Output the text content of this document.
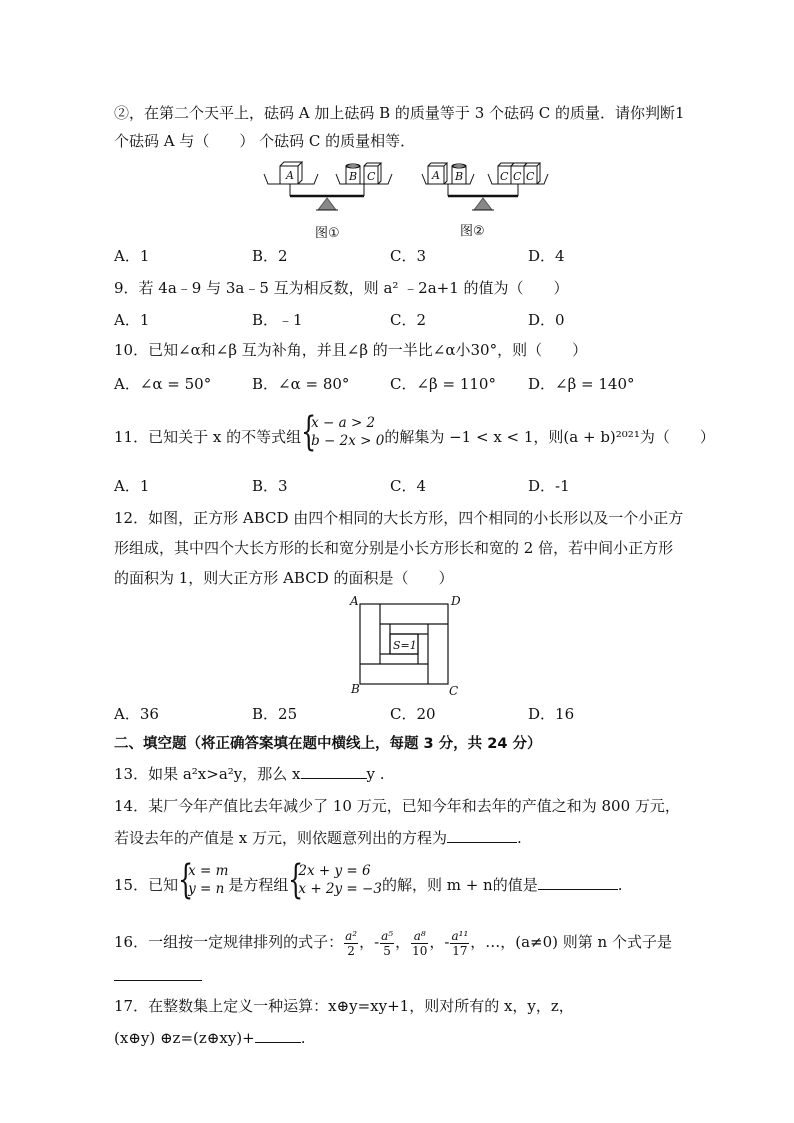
②，在第二个天平上，砝码 A 加上砝码 B 的质量等于 3 个砝码 C 的质量．请你判断1
个砝码 A 与（　　） 个砝码 C 的质量相等．
A	B C	A B	C C C
图①	图②
A．1	B．2	C．3	D．4
9．若 4a﹣9 与 3a﹣5 互为相反数，则 a² ﹣2a+1 的值为（　　）
A．1	B．﹣1	C．2	D．0
10．已知∠α和∠β 互为补角，并且∠β 的一半比∠α小30°，则（　　）
A．∠α = 50°	B．∠α = 80°	C．∠β = 110° D．∠β = 140°
11．已知关于 x 的不等式组 {
x − a > 2
b − 2x > 0 的解集为 −1 < x < 1，则(a + b)²⁰²¹为（　　）
A．1	B．3	C．4	D．-1
12．如图，正方形 ABCD 由四个相同的大长方形，四个相同的小长形以及一个小正方
形组成，其中四个大长方形的长和宽分别是小长方形长和宽的 2 倍，若中间小正方形
的面积为 1，则大正方形 ABCD 的面积是（　　）
S=1
A	D
B	C
A．36	B．25	C．20	D．16
二、填空题（将正确答案填在题中横线上，每题 3 分，共 24 分）
13．如果 a²x>a²y，那么 x	y .
14．某厂今年产值比去年减少了 10 万元，已知今年和去年的产值之和为 800 万元，
若设去年的产值是 x 万元，则依题意列出的方程为	.
15．已知 {
x = m
y = n 是方程组 {
2x + y = 6
x + 2y = −3 的解，则 m + n的值是	.
16．一组按一定规律排列的式子： $\frac{\text{a²}}{2}$ ，- $\frac{\text{a⁵}}{5}$ ， $\frac{\text{a⁸}}{10}$ ，- $\frac{\text{a¹¹}}{17}$ ，…，(a≠0) 则第 n 个式子是
17．在整数集上定义一种运算：x⊕y=xy+1，则对所有的 x，y，z，
(x⊕y) ⊕z=(z⊕xy)+	.
